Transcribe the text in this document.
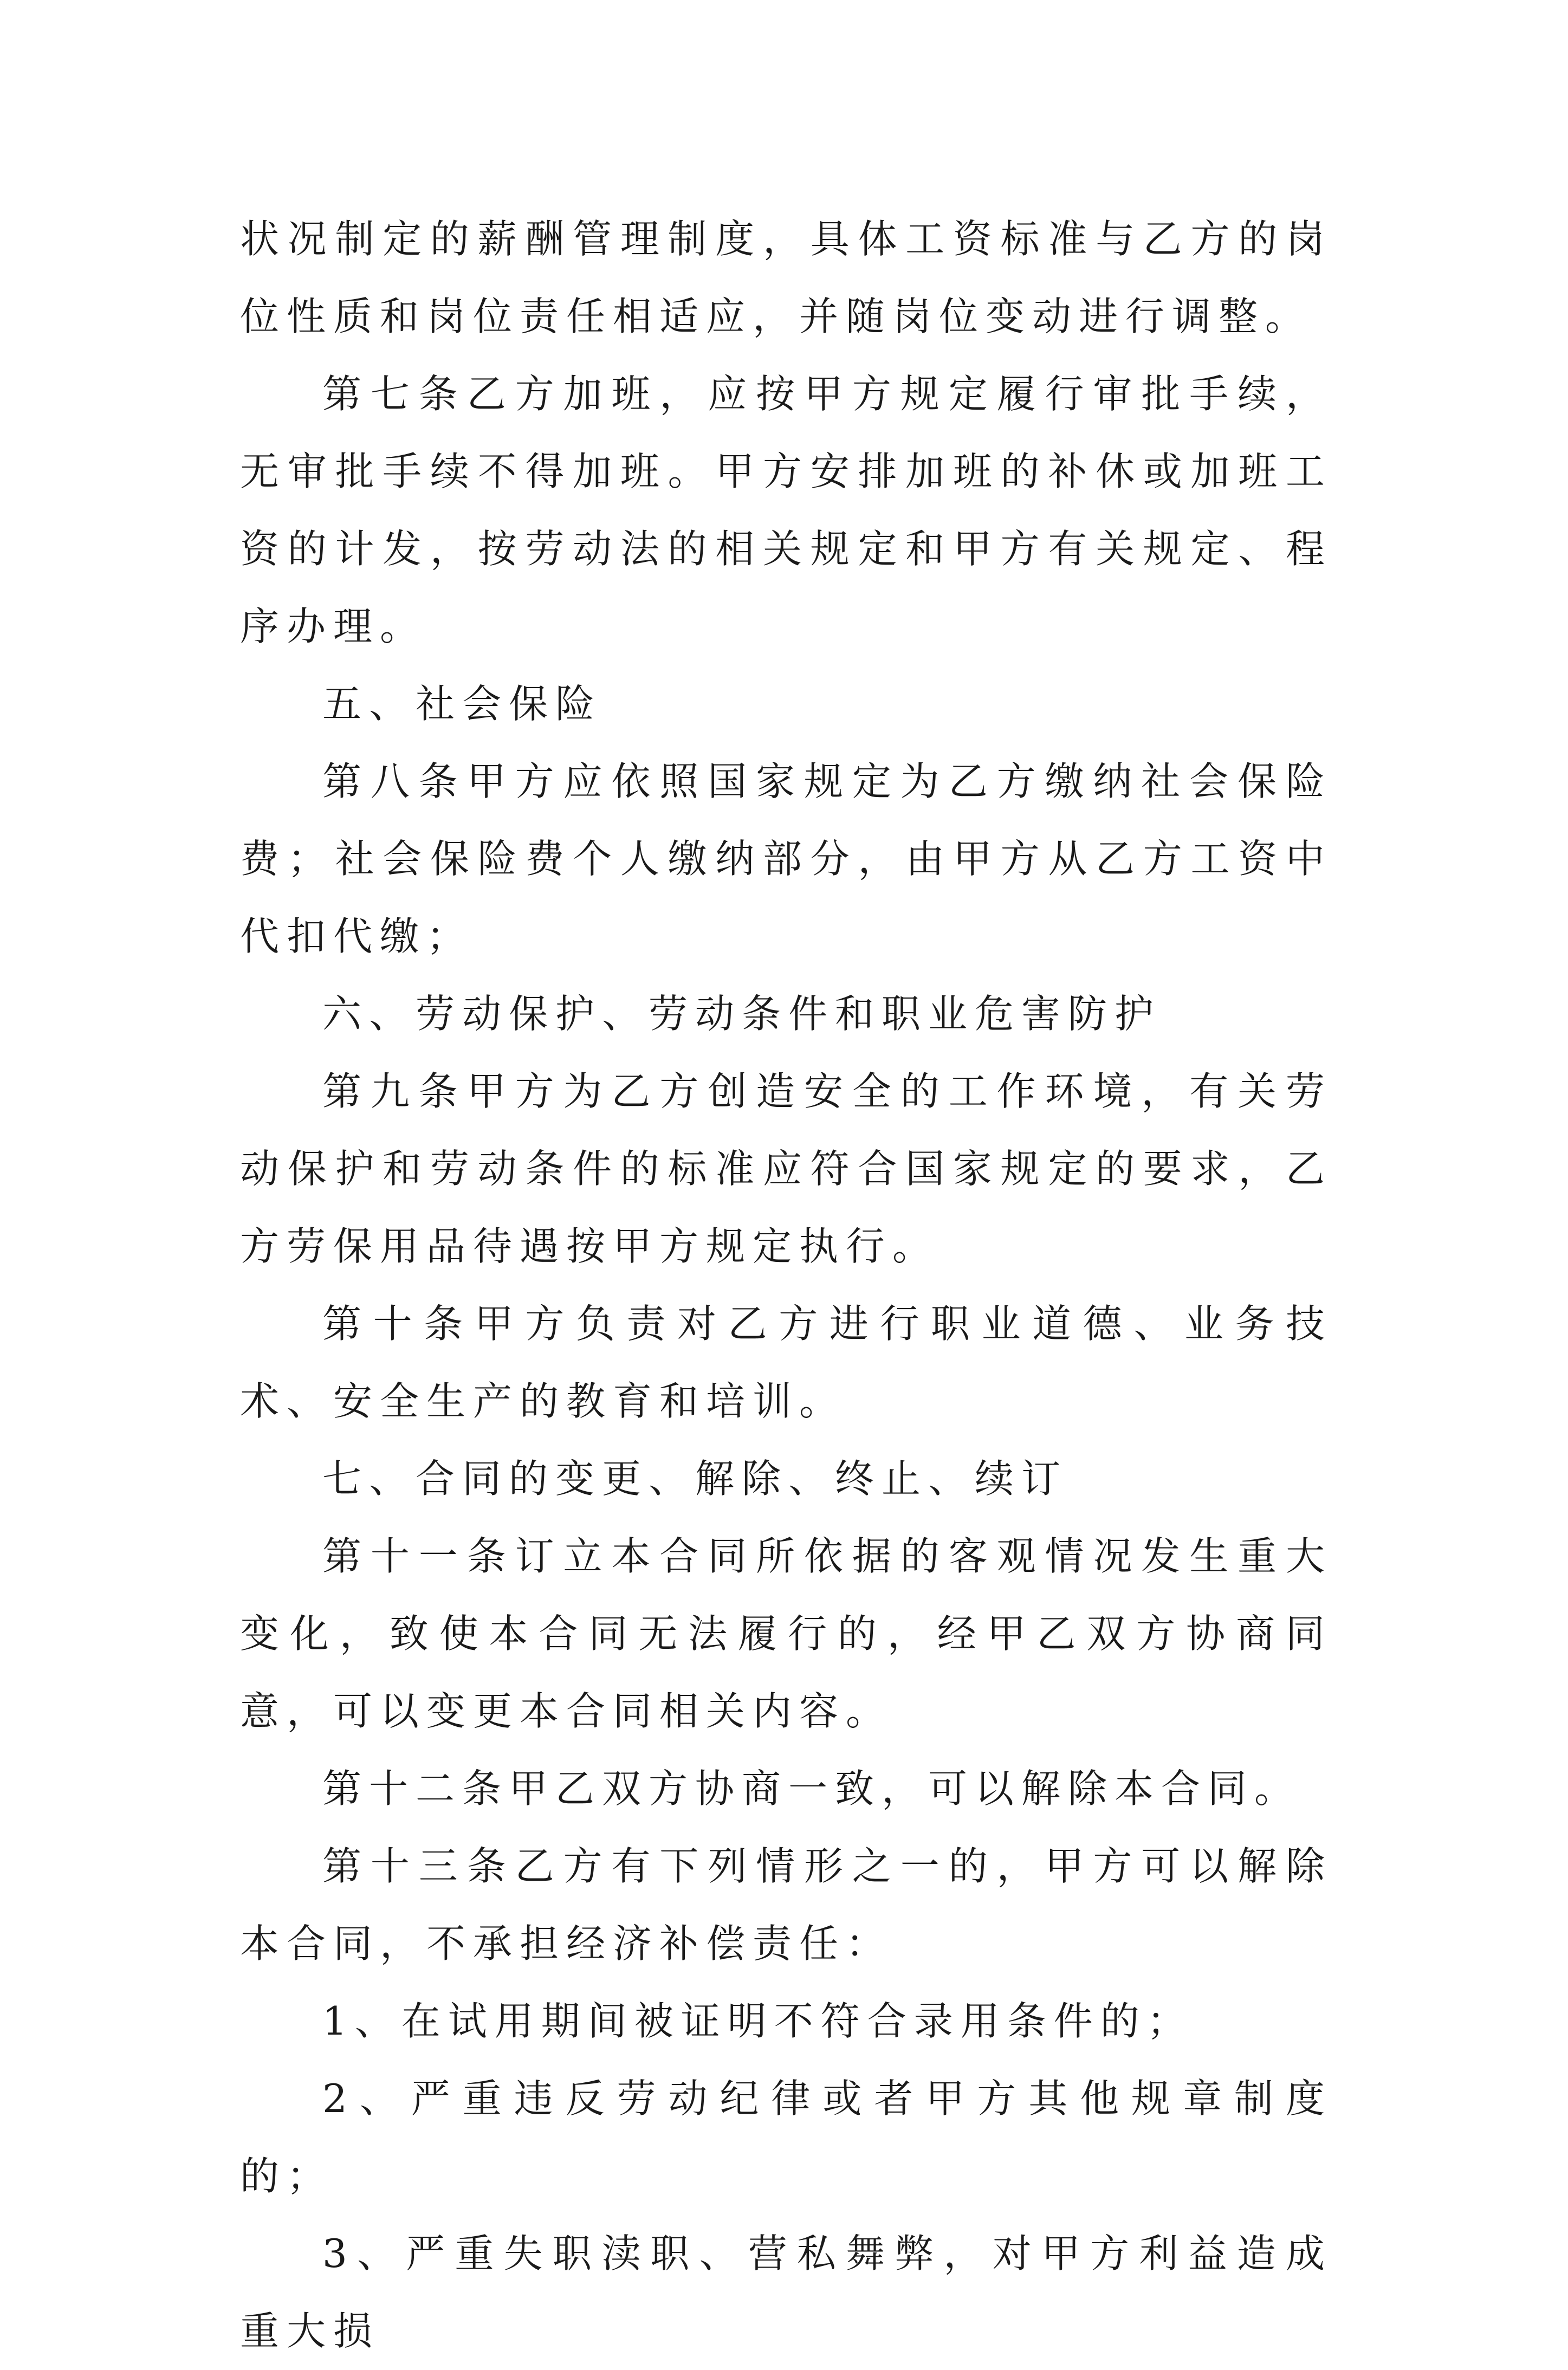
状况制定的薪酬管理制度，具体工资标准与乙方的岗位性质和岗位责任相适应，并随岗位变动进行调整。

第七条乙方加班，应按甲方规定履行审批手续，无审批手续不得加班。甲方安排加班的补休或加班工资的计发，按劳动法的相关规定和甲方有关规定、程序办理。

五、社会保险

第八条甲方应依照国家规定为乙方缴纳社会保险费；社会保险费个人缴纳部分，由甲方从乙方工资中代扣代缴；

六、劳动保护、劳动条件和职业危害防护

第九条甲方为乙方创造安全的工作环境，有关劳动保护和劳动条件的标准应符合国家规定的要求，乙方劳保用品待遇按甲方规定执行。

第十条甲方负责对乙方进行职业道德、业务技术、安全生产的教育和培训。

七、合同的变更、解除、终止、续订

第十一条订立本合同所依据的客观情况发生重大变化，致使本合同无法履行的，经甲乙双方协商同意，可以变更本合同相关内容。

第十二条甲乙双方协商一致，可以解除本合同。

第十三条乙方有下列情形之一的，甲方可以解除本合同，不承担经济补偿责任：

1、在试用期间被证明不符合录用条件的；

2、严重违反劳动纪律或者甲方其他规章制度的；

3、严重失职渎职、营私舞弊，对甲方利益造成重大损
